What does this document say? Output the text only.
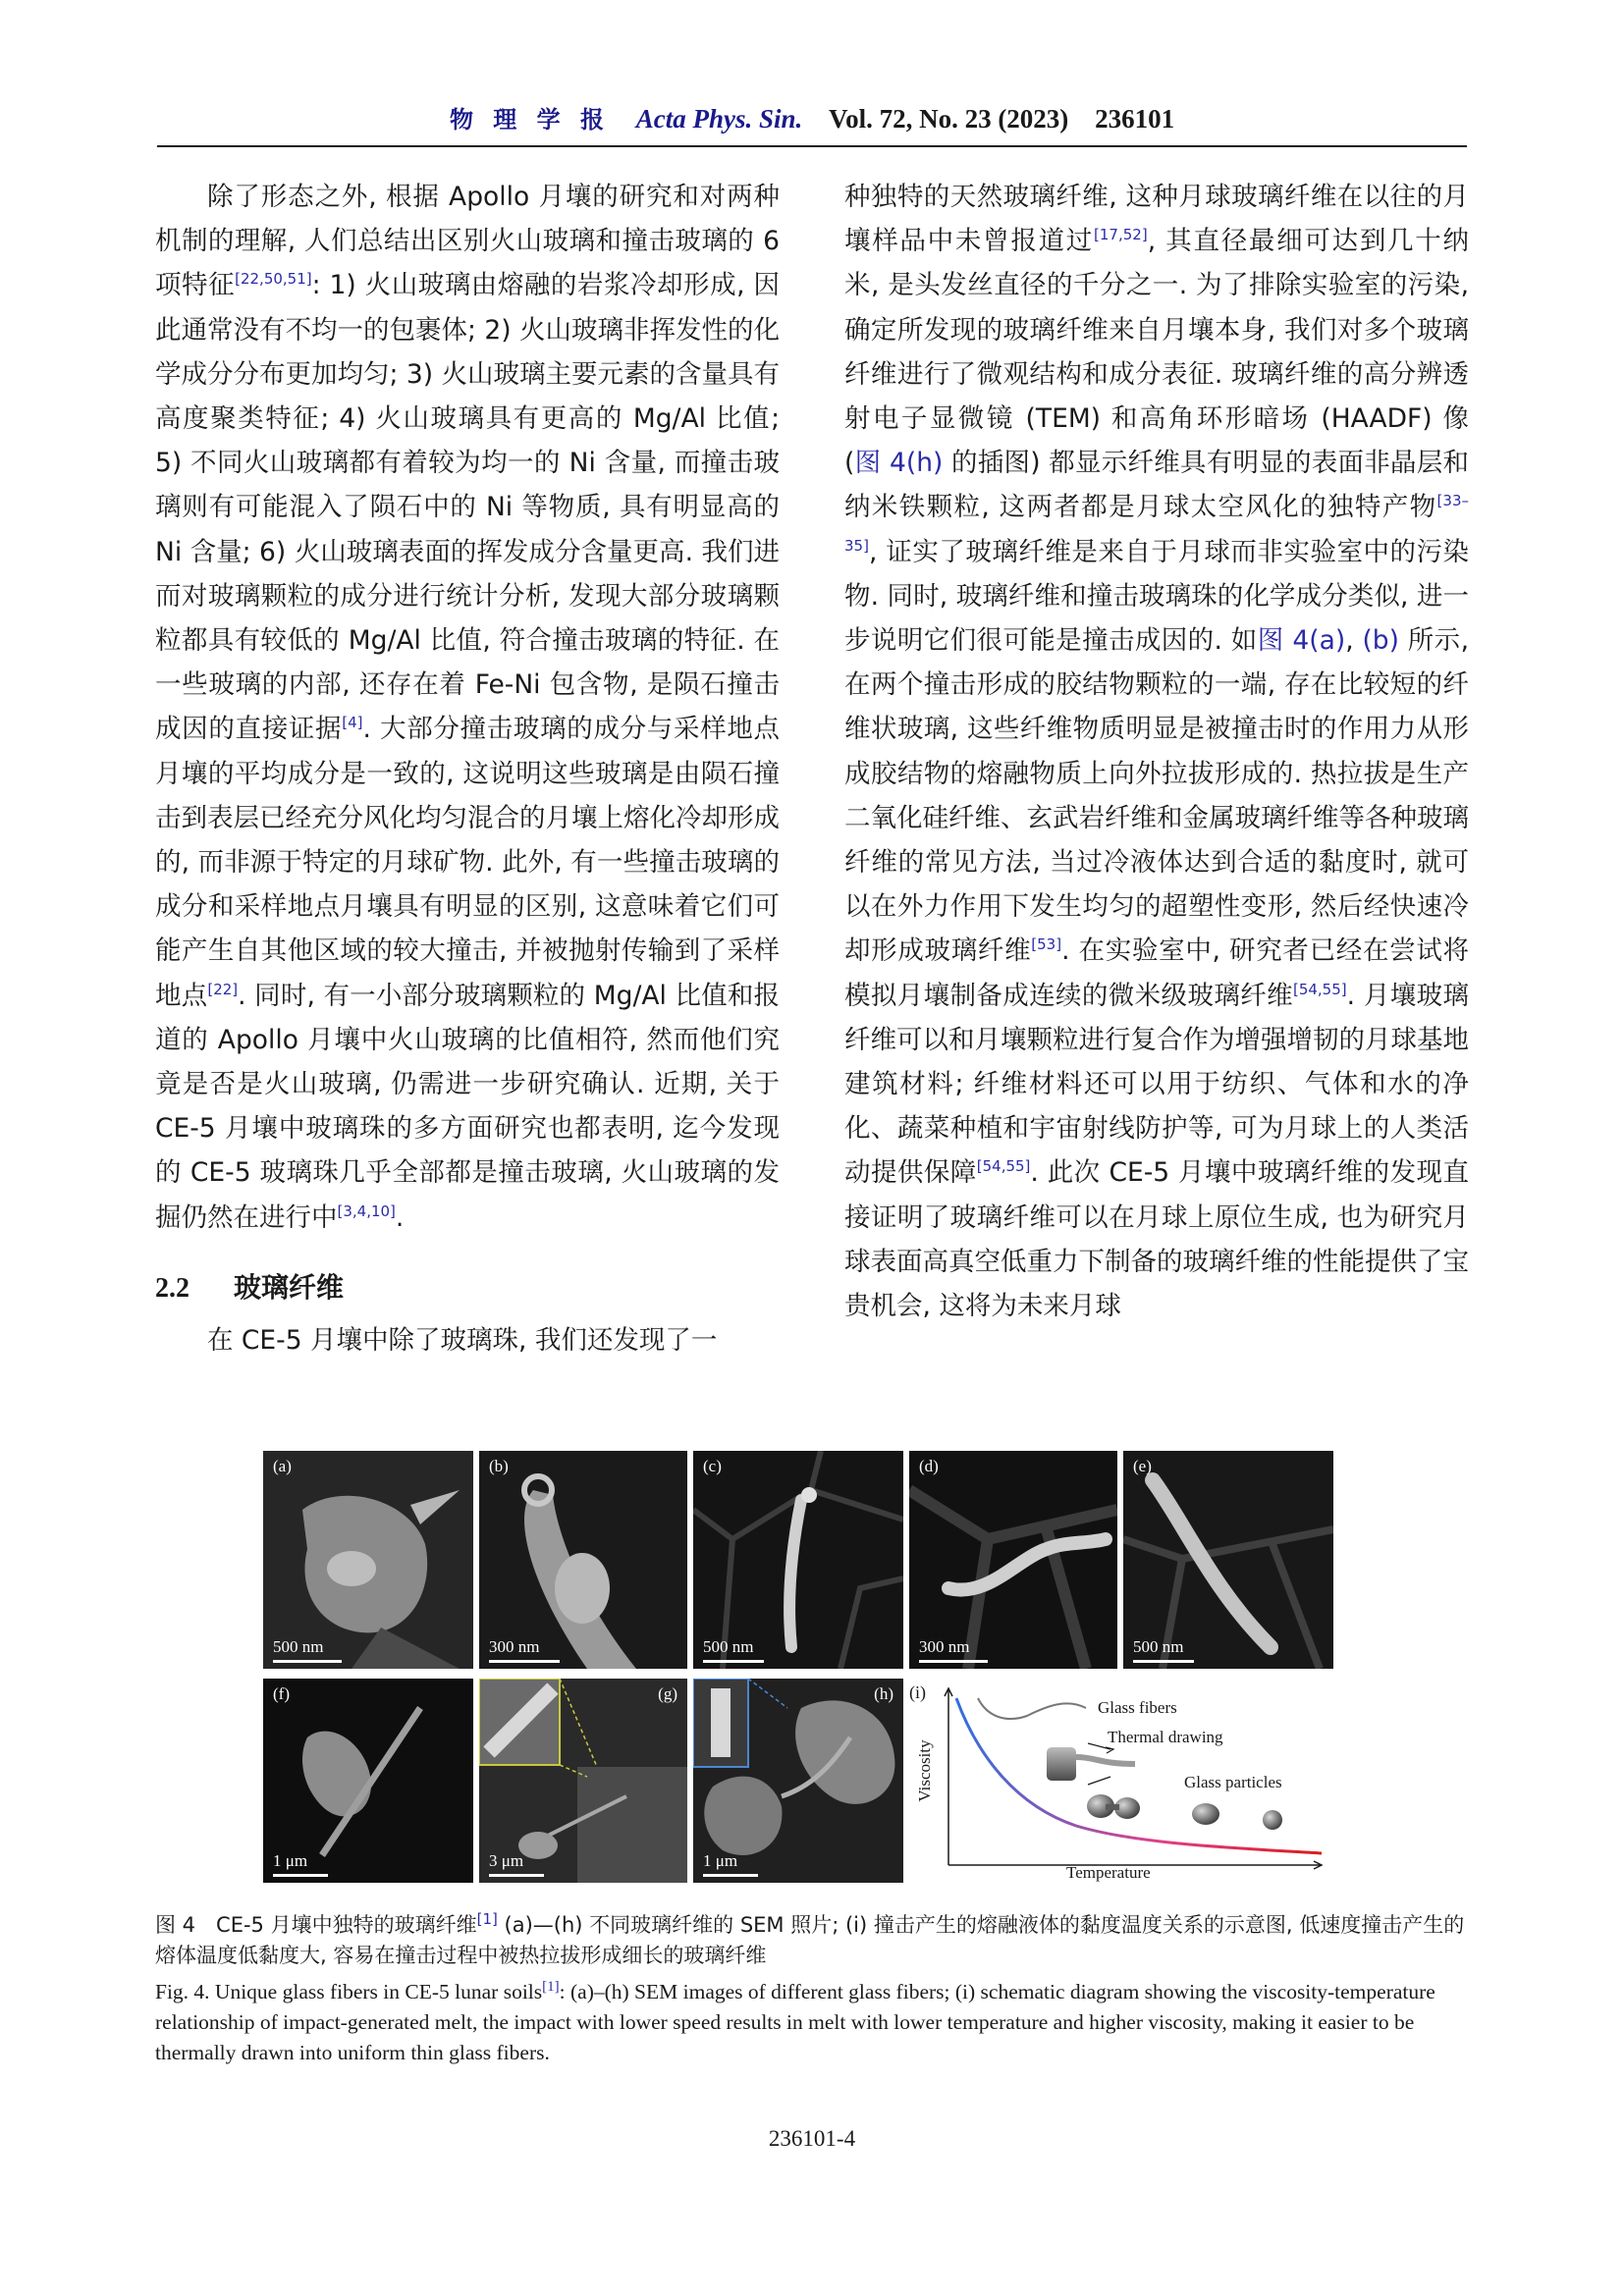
物 理 学 报 Acta Phys. Sin. Vol. 72, No. 23 (2023) 236101

除了形态之外, 根据 Apollo 月壤的研究和对两种机制的理解, 人们总结出区别火山玻璃和撞击玻璃的 6 项特征[22,50,51]: 1) 火山玻璃由熔融的岩浆冷却形成, 因此通常没有不均一的包裹体; 2) 火山玻璃非挥发性的化学成分分布更加均匀; 3) 火山玻璃主要元素的含量具有高度聚类特征; 4) 火山玻璃具有更高的 Mg/Al 比值; 5) 不同火山玻璃都有着较为均一的 Ni 含量, 而撞击玻璃则有可能混入了陨石中的 Ni 等物质, 具有明显高的 Ni 含量; 6) 火山玻璃表面的挥发成分含量更高. 我们进而对玻璃颗粒的成分进行统计分析, 发现大部分玻璃颗粒都具有较低的 Mg/Al 比值, 符合撞击玻璃的特征. 在一些玻璃的内部, 还存在着 Fe-Ni 包含物, 是陨石撞击成因的直接证据[4]. 大部分撞击玻璃的成分与采样地点月壤的平均成分是一致的, 这说明这些玻璃是由陨石撞击到表层已经充分风化均匀混合的月壤上熔化冷却形成的, 而非源于特定的月球矿物. 此外, 有一些撞击玻璃的成分和采样地点月壤具有明显的区别, 这意味着它们可能产生自其他区域的较大撞击, 并被抛射传输到了采样地点[22]. 同时, 有一小部分玻璃颗粒的 Mg/Al 比值和报道的 Apollo 月壤中火山玻璃的比值相符, 然而他们究竟是否是火山玻璃, 仍需进一步研究确认. 近期, 关于 CE-5 月壤中玻璃珠的多方面研究也都表明, 迄今发现的 CE-5 玻璃珠几乎全部都是撞击玻璃, 火山玻璃的发掘仍然在进行中[3,4,10].

2.2 玻璃纤维

在 CE-5 月壤中除了玻璃珠, 我们还发现了一

种独特的天然玻璃纤维, 这种月球玻璃纤维在以往的月壤样品中未曾报道过[17,52], 其直径最细可达到几十纳米, 是头发丝直径的千分之一. 为了排除实验室的污染, 确定所发现的玻璃纤维来自月壤本身, 我们对多个玻璃纤维进行了微观结构和成分表征. 玻璃纤维的高分辨透射电子显微镜 (TEM) 和高角环形暗场 (HAADF) 像 (图 4(h) 的插图) 都显示纤维具有明显的表面非晶层和纳米铁颗粒, 这两者都是月球太空风化的独特产物[33–35], 证实了玻璃纤维是来自于月球而非实验室中的污染物. 同时, 玻璃纤维和撞击玻璃珠的化学成分类似, 进一步说明它们很可能是撞击成因的. 如图 4(a), (b) 所示, 在两个撞击形成的胶结物颗粒的一端, 存在比较短的纤维状玻璃, 这些纤维物质明显是被撞击时的作用力从形成胶结物的熔融物质上向外拉拔形成的. 热拉拔是生产二氧化硅纤维、玄武岩纤维和金属玻璃纤维等各种玻璃纤维的常见方法, 当过冷液体达到合适的黏度时, 就可以在外力作用下发生均匀的超塑性变形, 然后经快速冷却形成玻璃纤维[53]. 在实验室中, 研究者已经在尝试将模拟月壤制备成连续的微米级玻璃纤维[54,55]. 月壤玻璃纤维可以和月壤颗粒进行复合作为增强增韧的月球基地建筑材料; 纤维材料还可以用于纺织、气体和水的净化、蔬菜种植和宇宙射线防护等, 可为月球上的人类活动提供保障[54,55]. 此次 CE-5 月壤中玻璃纤维的发现直接证明了玻璃纤维可以在月球上原位生成, 也为研究月球表面高真空低重力下制备的玻璃纤维的性能提供了宝贵机会, 这将为未来月球

(a)
500 nm
(b)
300 nm
(c)
500 nm
(d)
300 nm
(e)
500 nm
(f)
1 μm
(g)
3 μm
(h)
1 μm
(i)
Viscosity
Temperature
Glass fibers
Thermal drawing
Glass particles
图 4　CE-5 月壤中独特的玻璃纤维[1] (a)—(h) 不同玻璃纤维的 SEM 照片; (i) 撞击产生的熔融液体的黏度温度关系的示意图, 低速度撞击产生的熔体温度低黏度大, 容易在撞击过程中被热拉拔形成细长的玻璃纤维
Fig. 4. Unique glass fibers in CE-5 lunar soils[1]: (a)–(h) SEM images of different glass fibers; (i) schematic diagram showing the viscosity-temperature relationship of impact-generated melt, the impact with lower speed results in melt with lower temperature and higher viscosity, making it easier to be thermally drawn into uniform thin glass fibers.
236101-4
